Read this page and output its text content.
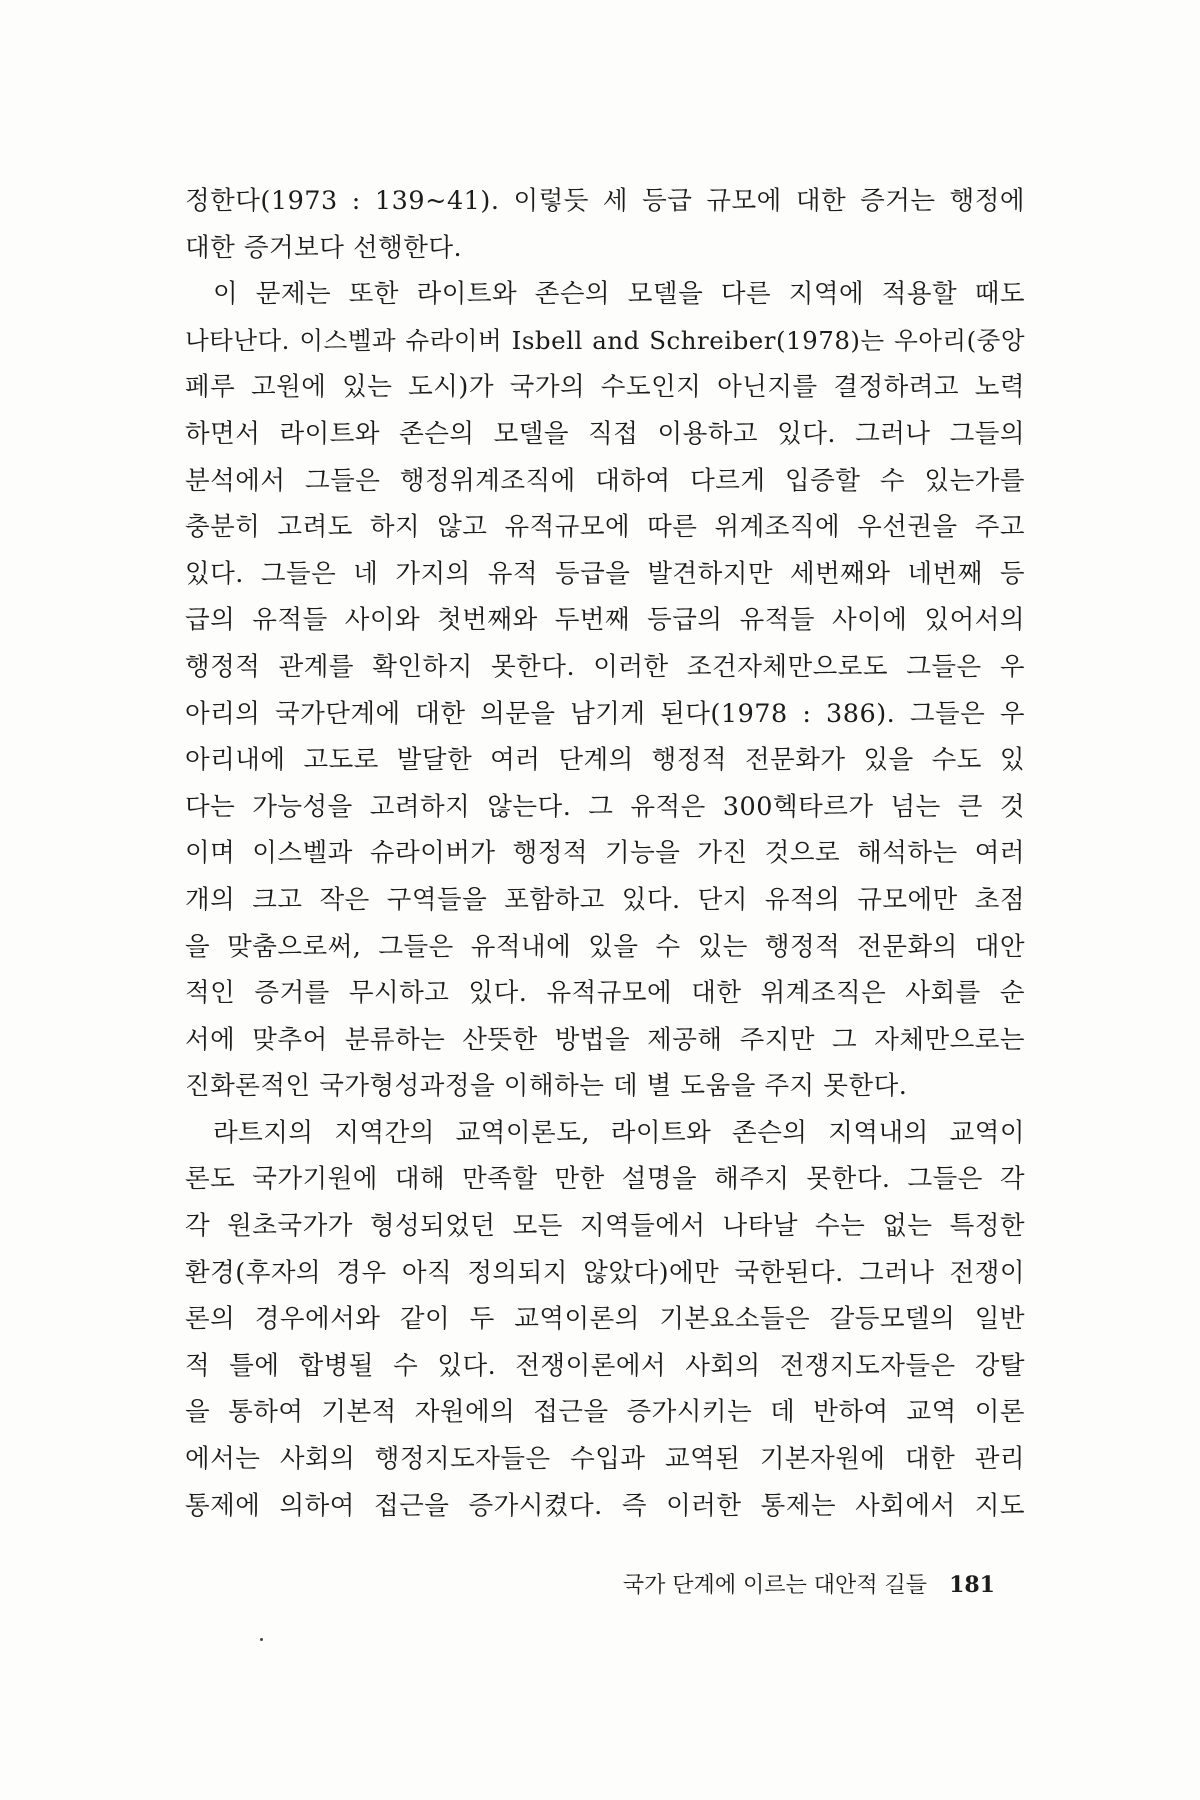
정한다(1973 : 139~41). 이렇듯 세 등급 규모에 대한 증거는 행정에
대한 증거보다 선행한다.
이 문제는 또한 라이트와 존슨의 모델을 다른 지역에 적용할 때도
나타난다. 이스벨과 슈라이버 Isbell and Schreiber(1978)는 우아리(중앙
페루 고원에 있는 도시)가 국가의 수도인지 아닌지를 결정하려고 노력
하면서 라이트와 존슨의 모델을 직접 이용하고 있다. 그러나 그들의
분석에서 그들은 행정위계조직에 대하여 다르게 입증할 수 있는가를
충분히 고려도 하지 않고 유적규모에 따른 위계조직에 우선권을 주고
있다. 그들은 네 가지의 유적 등급을 발견하지만 세번째와 네번째 등
급의 유적들 사이와 첫번째와 두번째 등급의 유적들 사이에 있어서의
행정적 관계를 확인하지 못한다. 이러한 조건자체만으로도 그들은 우
아리의 국가단계에 대한 의문을 남기게 된다(1978 : 386). 그들은 우
아리내에 고도로 발달한 여러 단계의 행정적 전문화가 있을 수도 있
다는 가능성을 고려하지 않는다. 그 유적은 300헥타르가 넘는 큰 것
이며 이스벨과 슈라이버가 행정적 기능을 가진 것으로 해석하는 여러
개의 크고 작은 구역들을 포함하고 있다. 단지 유적의 규모에만 초점
을 맞춤으로써, 그들은 유적내에 있을 수 있는 행정적 전문화의 대안
적인 증거를 무시하고 있다. 유적규모에 대한 위계조직은 사회를 순
서에 맞추어 분류하는 산뜻한 방법을 제공해 주지만 그 자체만으로는
진화론적인 국가형성과정을 이해하는 데 별 도움을 주지 못한다.
라트지의 지역간의 교역이론도, 라이트와 존슨의 지역내의 교역이
론도 국가기원에 대해 만족할 만한 설명을 해주지 못한다. 그들은 각
각 원초국가가 형성되었던 모든 지역들에서 나타날 수는 없는 특정한
환경(후자의 경우 아직 정의되지 않았다)에만 국한된다. 그러나 전쟁이
론의 경우에서와 같이 두 교역이론의 기본요소들은 갈등모델의 일반
적 틀에 합병될 수 있다. 전쟁이론에서 사회의 전쟁지도자들은 강탈
을 통하여 기본적 자원에의 접근을 증가시키는 데 반하여 교역 이론
에서는 사회의 행정지도자들은 수입과 교역된 기본자원에 대한 관리
통제에 의하여 접근을 증가시켰다. 즉 이러한 통제는 사회에서 지도
국가 단계에 이르는 대안적 길들 181
